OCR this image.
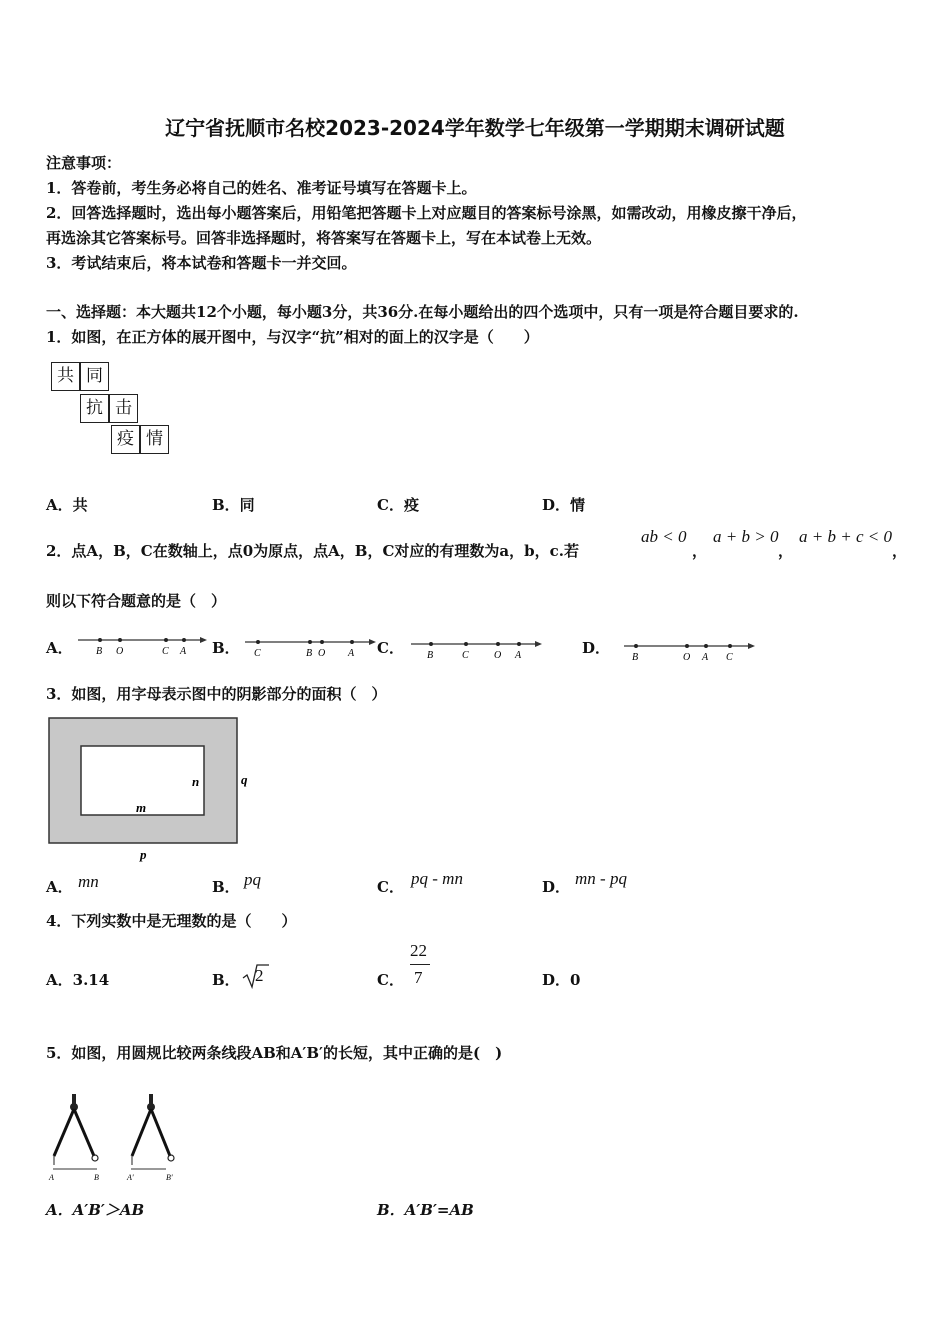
辽宁省抚顺市名校2023-2024学年数学七年级第一学期期末调研试题
注意事项：
1．答卷前，考生务必将自己的姓名、准考证号填写在答题卡上。
2．回答选择题时，选出每小题答案后，用铅笔把答题卡上对应题目的答案标号涂黑，如需改动，用橡皮擦干净后，
再选涂其它答案标号。回答非选择题时，将答案写在答题卡上，写在本试卷上无效。
3．考试结束后，将本试卷和答题卡一并交回。
一、选择题：本大题共12个小题，每小题3分，共36分.在每小题给出的四个选项中，只有一项是符合题目要求的.
1．如图，在正方体的展开图中，与汉字“抗”相对的面上的汉字是（　　）
共 同
抗 击
疫 情
A．共	B．同	C．疫	D．情
2．点A，B，C在数轴上，点0为原点，点A，B，C对应的有理数为a，b，c.若
ab < 0
，
a + b > 0
，
a + b + c < 0
，
则以下符合题意的是（　）
A． B O	C A B． C	B O A C． B	C	O A	D．
B	O A C
3．如图，用字母表示图中的阴影部分的面积（　）
m
n	q
p
A． mn	B． pq	C． pq - mn	D． mn - pq
4．下列实数中是无理数的是（　　）
A．3.14	B． 2	C．
22
7	D．0
5．如图，用圆规比较两条线段AB和A′B′的长短，其中正确的是(　)
A	B	A′	B′
A．A′B′＞AB	B．A′B′=AB
